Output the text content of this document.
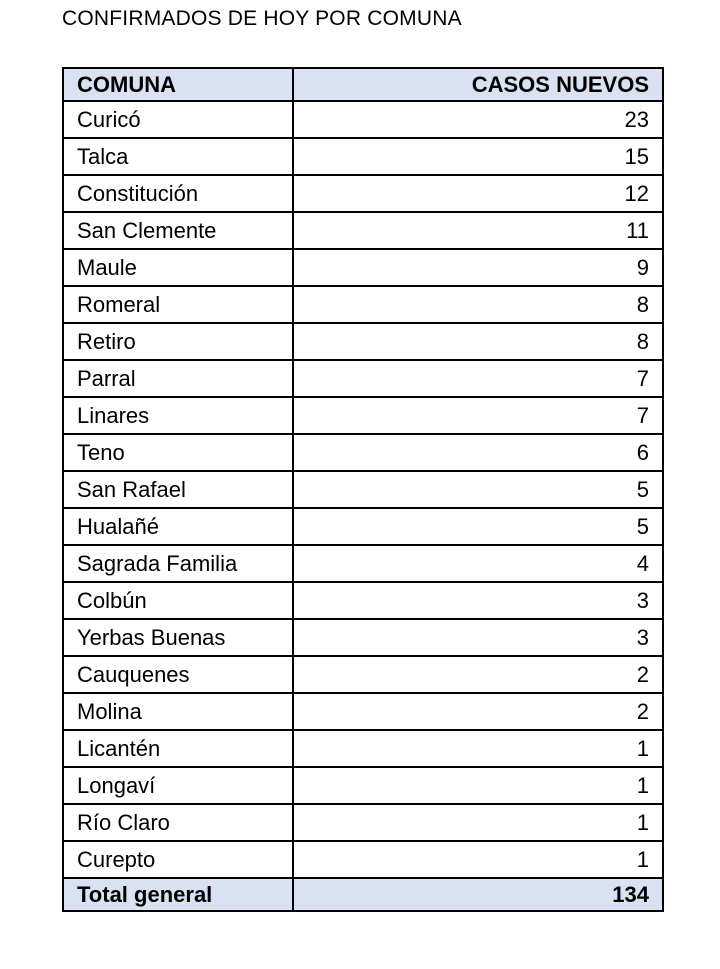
CONFIRMADOS DE HOY POR COMUNA
COMUNA	CASOS NUEVOS
Curicó	23
Talca	15
Constitución	12
San Clemente	11
Maule	9
Romeral	8
Retiro	8
Parral	7
Linares	7
Teno	6
San Rafael	5
Hualañé	5
Sagrada Familia	4
Colbún	3
Yerbas Buenas	3
Cauquenes	2
Molina	2
Licantén	1
Longaví	1
Río Claro	1
Curepto	1
Total general	134
